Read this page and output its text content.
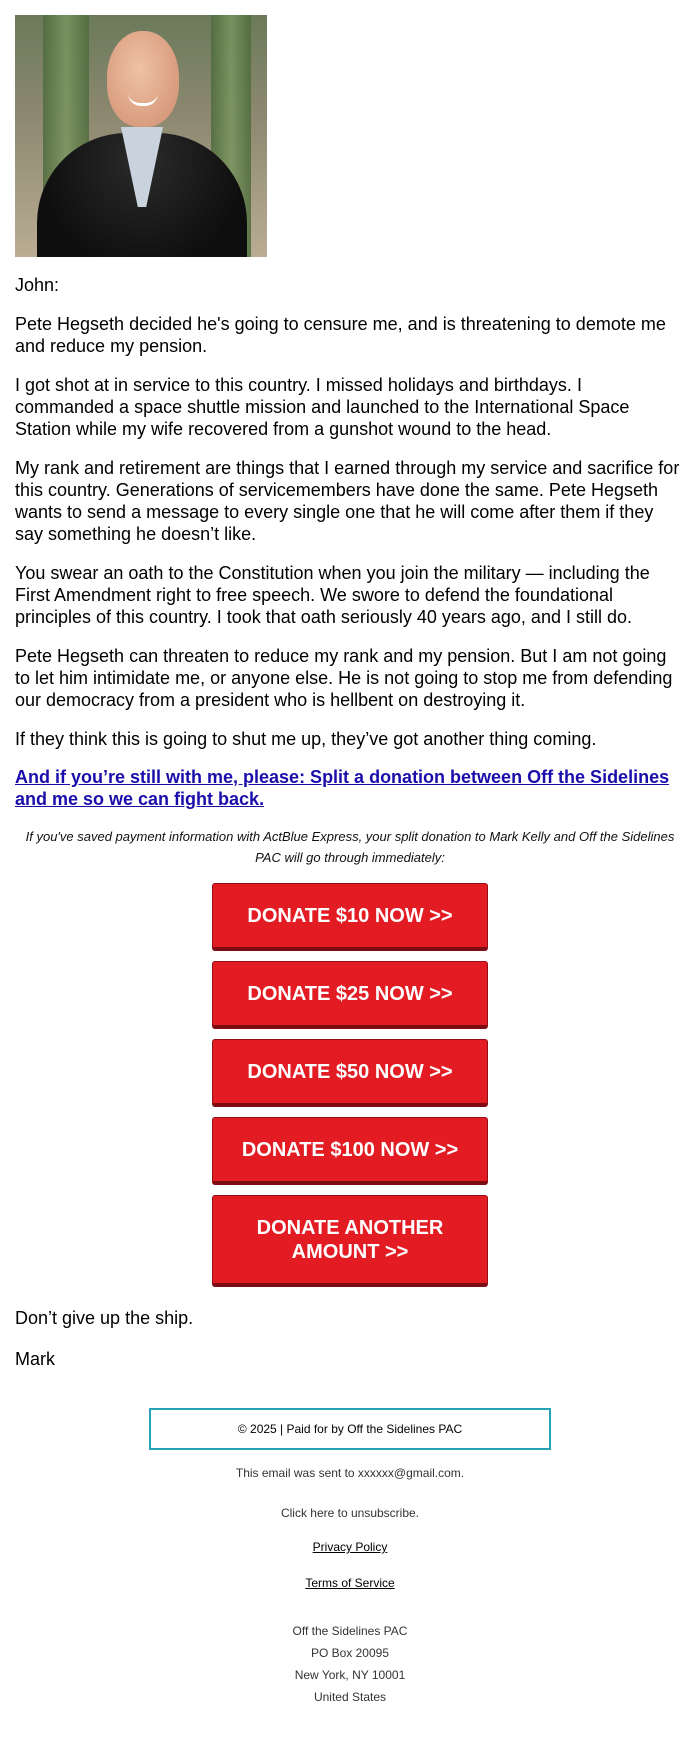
John:

Pete Hegseth decided he's going to censure me, and is threatening to demote me and reduce my pension.

I got shot at in service to this country. I missed holidays and birthdays. I commanded a space shuttle mission and launched to the International Space Station while my wife recovered from a gunshot wound to the head.

My rank and retirement are things that I earned through my service and sacrifice for this country. Generations of servicemembers have done the same. Pete Hegseth wants to send a message to every single one that he will come after them if they say something he doesn’t like.

You swear an oath to the Constitution when you join the military — including the First Amendment right to free speech. We swore to defend the foundational principles of this country. I took that oath seriously 40 years ago, and I still do.

Pete Hegseth can threaten to reduce my rank and my pension. But I am not going to let him intimidate me, or anyone else. He is not going to stop me from defending our democracy from a president who is hellbent on destroying it.

If they think this is going to shut me up, they’ve got another thing coming.

And if you’re still with me, please: Split a donation between Off the Sidelines and me so we can fight back.
If you've saved payment information with ActBlue Express, your split donation to Mark Kelly and Off the Sidelines PAC will go through immediately:
DONATE $10 NOW >>
DONATE $25 NOW >>
DONATE $50 NOW >>
DONATE $100 NOW >>
DONATE ANOTHER AMOUNT >>

Don’t give up the ship.

Mark

© 2025 | Paid for by Off the Sidelines PAC
This email was sent to xxxxxx@gmail.com.
Click here to unsubscribe.
Privacy Policy
Terms of Service
Off the Sidelines PAC
PO Box 20095
New York, NY 10001
United States
